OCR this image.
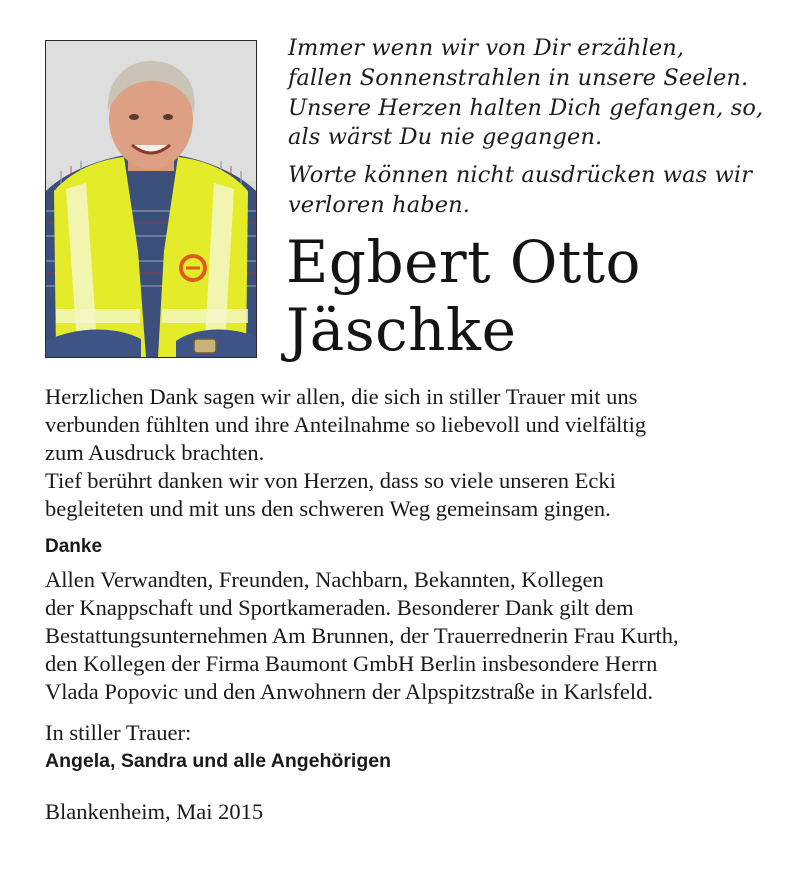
Immer wenn wir von Dir erzählen,
fallen Sonnenstrahlen in unsere Seelen.
Unsere Herzen halten Dich gefangen, so,
als wärst Du nie gegangen.

Worte können nicht ausdrücken was wir
verloren haben.

Egbert Otto
Jäschke
Herzlichen Dank sagen wir allen, die sich in stiller Trauer mit uns
verbunden fühlten und ihre Anteilnahme so liebevoll und vielfältig
zum Ausdruck brachten.
Tief berührt danken wir von Herzen, dass so viele unseren Ecki
begleiteten und mit uns den schweren Weg gemeinsam gingen.
Danke
Allen Verwandten, Freunden, Nachbarn, Bekannten, Kollegen
der Knappschaft und Sportkameraden. Besonderer Dank gilt dem
Bestattungsunternehmen Am Brunnen, der Trauerrednerin Frau Kurth,
den Kollegen der Firma Baumont GmbH Berlin insbesondere Herrn
Vlada Popovic und den Anwohnern der Alpspitzstraße in Karlsfeld.
In stiller Trauer:
Angela, Sandra und alle Angehörigen
Blankenheim, Mai 2015
